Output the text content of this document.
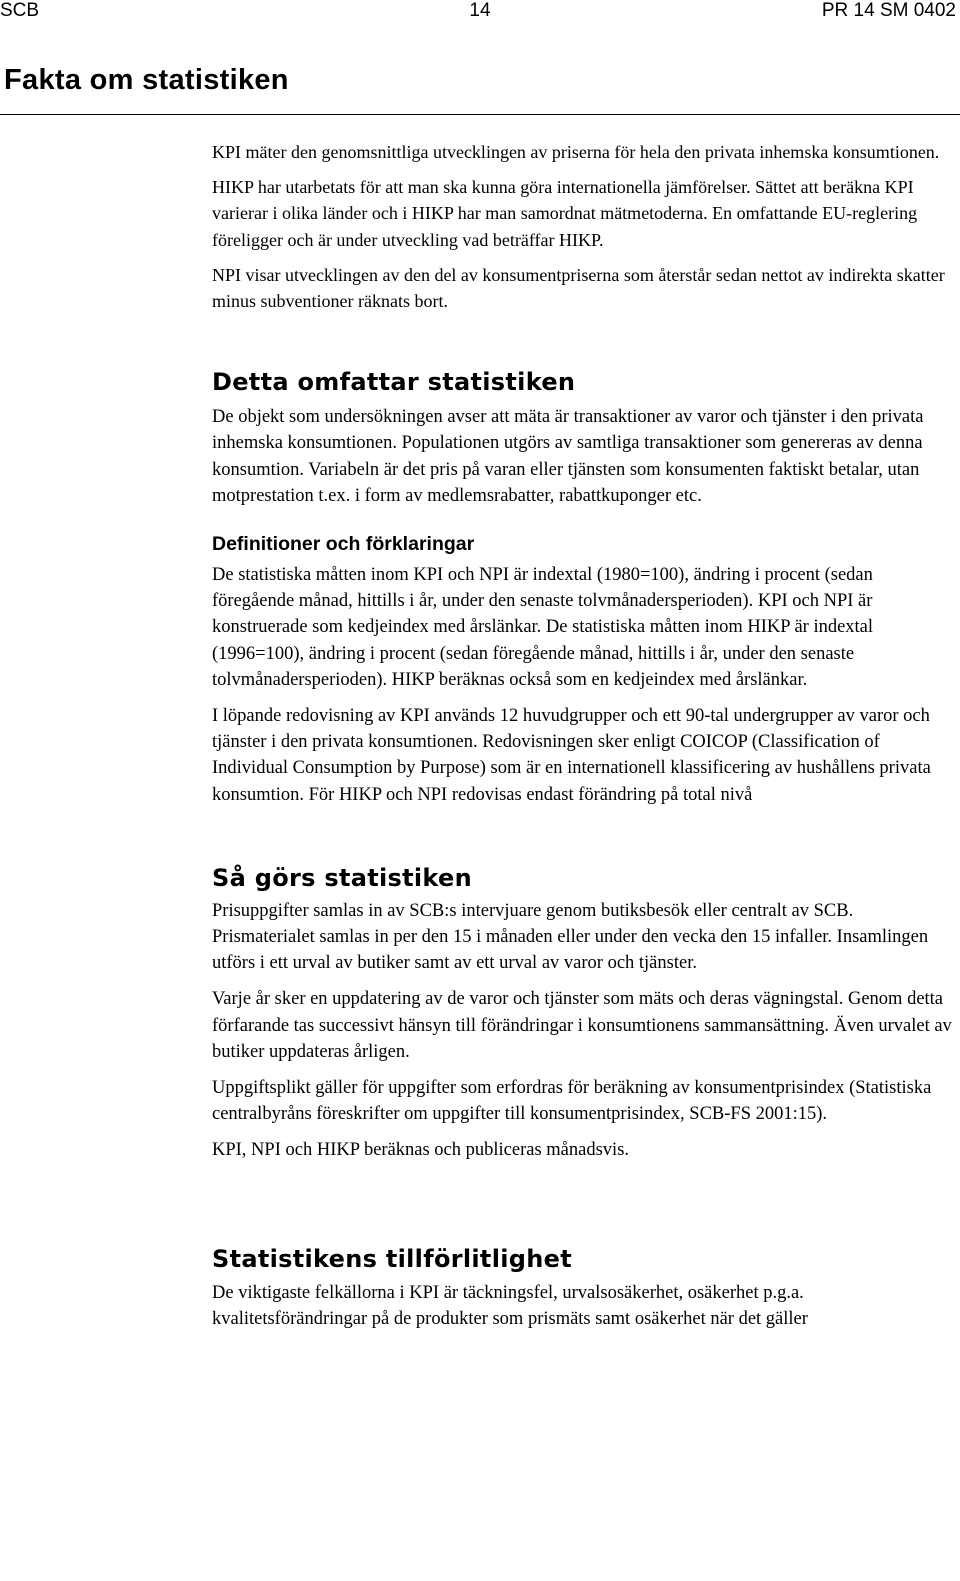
SCB	14	PR 14 SM 0402
Fakta om statistiken

KPI mäter den genomsnittliga utvecklingen av priserna för hela den privata inhemska konsumtionen.

HIKP har utarbetats för att man ska kunna göra internationella jämförelser. Sättet att beräkna KPI varierar i olika länder och i HIKP har man samordnat mätmetoderna. En omfattande EU-reglering föreligger och är under utveckling vad beträffar HIKP.

NPI visar utvecklingen av den del av konsumentpriserna som återstår sedan nettot av indirekta skatter minus subventioner räknats bort.

Detta omfattar statistiken

De objekt som undersökningen avser att mäta är transaktioner av varor och tjänster i den privata inhemska konsumtionen. Populationen utgörs av samtliga transaktioner som genereras av denna konsumtion. Variabeln är det pris på varan eller tjänsten som konsumenten faktiskt betalar, utan motprestation t.ex. i form av medlemsrabatter, rabattkuponger etc.

Definitioner och förklaringar

De statistiska måtten inom KPI och NPI är indextal (1980=100), ändring i procent (sedan föregående månad, hittills i år, under den senaste tolvmånadersperioden). KPI och NPI är konstruerade som kedjeindex med årslänkar. De statistiska måtten inom HIKP är indextal (1996=100), ändring i procent (sedan föregående månad, hittills i år, under den senaste tolvmånadersperioden). HIKP beräknas också som en kedjeindex med årslänkar.

I löpande redovisning av KPI används 12 huvudgrupper och ett 90-tal undergrupper av varor och tjänster i den privata konsumtionen. Redovisningen sker enligt COICOP (Classification of Individual Consumption by Purpose) som är en internationell klassificering av hushållens privata konsumtion. För HIKP och NPI redovisas endast förändring på total nivå

Så görs statistiken

Prisuppgifter samlas in av SCB:s intervjuare genom butiksbesök eller centralt av SCB. Prismaterialet samlas in per den 15 i månaden eller under den vecka den 15 infaller. Insamlingen utförs i ett urval av butiker samt av ett urval av varor och tjänster.

Varje år sker en uppdatering av de varor och tjänster som mäts och deras vägningstal. Genom detta förfarande tas successivt hänsyn till förändringar i konsumtionens sammansättning. Även urvalet av butiker uppdateras årligen.

Uppgiftsplikt gäller för uppgifter som erfordras för beräkning av konsumentprisindex (Statistiska centralbyråns föreskrifter om uppgifter till konsumentprisindex, SCB-FS 2001:15).

KPI, NPI och HIKP beräknas och publiceras månadsvis.

Statistikens tillförlitlighet

De viktigaste felkällorna i KPI är täckningsfel, urvalsosäkerhet, osäkerhet p.g.a. kvalitetsförändringar på de produkter som prismäts samt osäkerhet när det gäller
